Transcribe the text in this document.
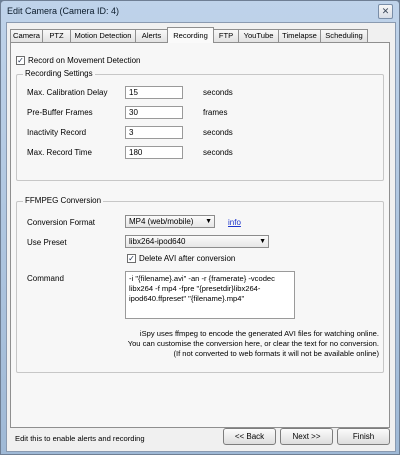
Edit Camera (Camera ID: 4)	✕
Camera	PTZ	Motion Detection	Alerts	Recording	FTP	YouTube	Timelapse	Scheduling
✓ Record on Movement Detection
Recording Settings
Max. Calibration Delay	15	seconds
Pre-Buffer Frames	30	frames
Inactivity Record	3	seconds
Max. Record Time	180	seconds
FFMPEG Conversion
Conversion Format	MP4 (web/mobile) ▼ info
Use Preset	libx264-ipod640	▼
✓ Delete AVI after conversion
Command	-i "{filename}.avi" -an -r {framerate} -vcodec libx264 -f mp4 -fpre "{presetdir}libx264-ipod640.ffpreset" "{filename}.mp4"
iSpy uses ffmpeg to encode the generated AVI files for watching online.
You can customise the conversion here, or clear the text for no conversion.
(If not converted to web formats it will not be available online)
Edit this to enable alerts and recording	<< Back	Next >>	Finish
